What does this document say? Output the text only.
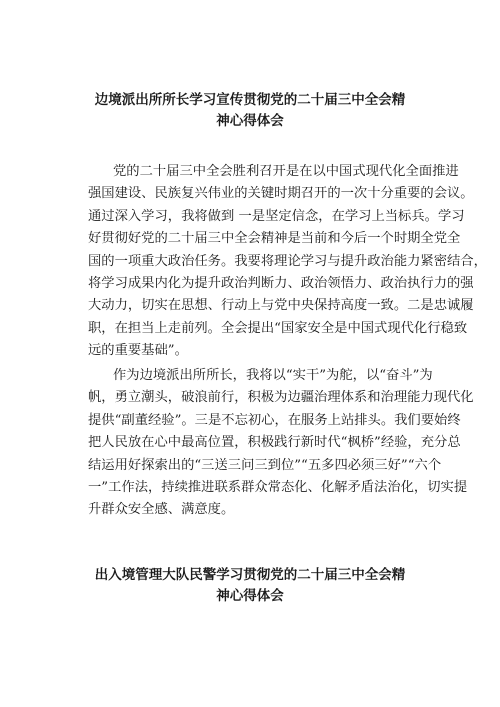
边境派出所所长学习宣传贯彻党的二十届三中全会精
神心得体会

党的二十届三中全会胜利召开是在以中国式现代化全面推进
强国建设、民族复兴伟业的关键时期召开的一次十分重要的会议。
通过深入学习，我将做到 一是坚定信念，在学习上当标兵。学习
好贯彻好党的二十届三中全会精神是当前和今后一个时期全党全
国的一项重大政治任务。我要将理论学习与提升政治能力紧密结合，
将学习成果内化为提升政治判断力、政治领悟力、政治执行力的强
大动力，切实在思想、行动上与党中央保持高度一致。二是忠诚履
职，在担当上走前列。全会提出“国家安全是中国式现代化行稳致
远的重要基础”。

作为边境派出所所长，我将以“实干”为舵，以“奋斗”为
帆，勇立潮头，破浪前行，积极为边疆治理体系和治理能力现代化
提供“副董经验”。三是不忘初心，在服务上站排头。我们要始终
把人民放在心中最高位置，积极践行新时代“枫桥”经验，充分总
结运用好探索出的“三送三问三到位”“五多四必须三好”“六个
一”工作法，持续推进联系群众常态化、化解矛盾法治化，切实提
升群众安全感、满意度。

出入境管理大队民警学习贯彻党的二十届三中全会精
神心得体会
